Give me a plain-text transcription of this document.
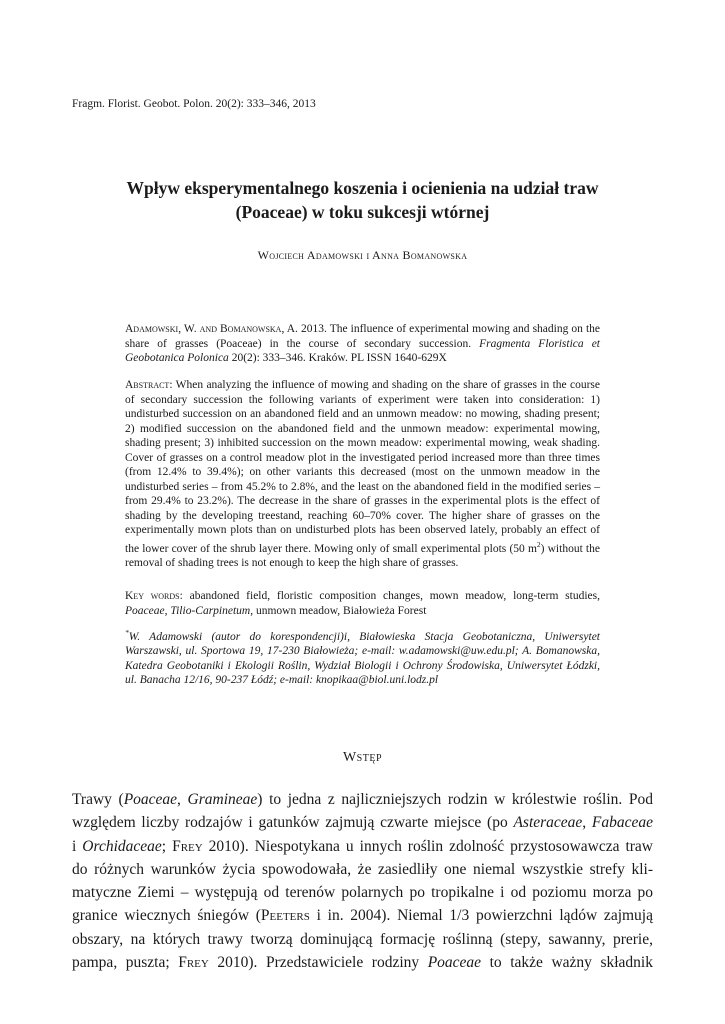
Fragm. Florist. Geobot. Polon. 20(2): 333–346, 2013
Wpływ eksperymentalnego koszenia i ocienienia na udział traw
(Poaceae) w toku sukcesji wtórnej
Wojciech Adamowski i Anna Bomanowska
Adamowski, W. and Bomanowska, A. 2013. The influence of experimental mowing and shading on the share of grasses (Poaceae) in the course of secondary succession. Fragmenta Floristica et Geobotanica Polonica 20(2): 333–346. Kraków. PL ISSN 1640-629X
Abstract: When analyzing the influence of mowing and shading on the share of grasses in the course of secondary succession the following variants of experiment were taken into consideration: 1) undisturbed succession on an abandoned field and an unmown meadow: no mowing, shading present; 2) modified succession on the abandoned field and the unmown meadow: experimental mowing, shading present; 3) inhibited succession on the mown meadow: experimental mowing, weak shading. Cover of grasses on a control meadow plot in the investigated period increased more than three times (from 12.4% to 39.4%); on other variants this decreased (most on the unmown meadow in the undisturbed series – from 45.2% to 2.8%, and the least on the abandoned field in the modified series – from 29.4% to 23.2%). The decrease in the share of grasses in the experimental plots is the effect of shading by the developing treestand, reaching 60–70% cover. The higher share of grasses on the experimentally mown plots than on undisturbed plots has been observed lately, probably an effect of the lower cover of the shrub layer there. Mowing only of small experimental plots (50 $m^2$) without the removal of shading trees is not enough to keep the high share of grasses.
Key words: abandoned field, floristic composition changes, mown meadow, long-term studies, Poaceae, Tilio-Carpinetum, unmown meadow, Białowieża Forest
*W. Adamowski (autor do korespondencji)i, Białowieska Stacja Geobotaniczna, Uniwersytet Warszawski, ul. Sportowa 19, 17-230 Białowieża; e-mail: w.adamowski@uw.edu.pl; A. Bomanowska, Katedra Geobotaniki i Ekologii Roślin, Wydział Biologii i Ochrony Środowiska, Uniwersytet Łódzki, ul. Banacha 12/16, 90-237 Łódź; e-mail: knopikaa@biol.uni.lodz.pl
Wstęp
Trawy (Poaceae, Gramineae) to jedna z najliczniejszych rodzin w królestwie roślin. Pod
względem liczby rodzajów i gatunków zajmują czwarte miejsce (po Asteraceae, Fabaceae
i Orchidaceae; Frey 2010). Niespotykana u innych roślin zdolność przystosowawcza traw
do różnych warunków życia spowodowała, że zasiedliły one niemal wszystkie strefy kli-
matyczne Ziemi – występują od terenów polarnych po tropikalne i od poziomu morza po
granice wiecznych śniegów (Peeters i in. 2004). Niemal 1/3 powierzchni lądów zajmują
obszary, na których trawy tworzą dominującą formację roślinną (stepy, sawanny, prerie,
pampa, puszta; Frey 2010). Przedstawiciele rodziny Poaceae to także ważny składnik
